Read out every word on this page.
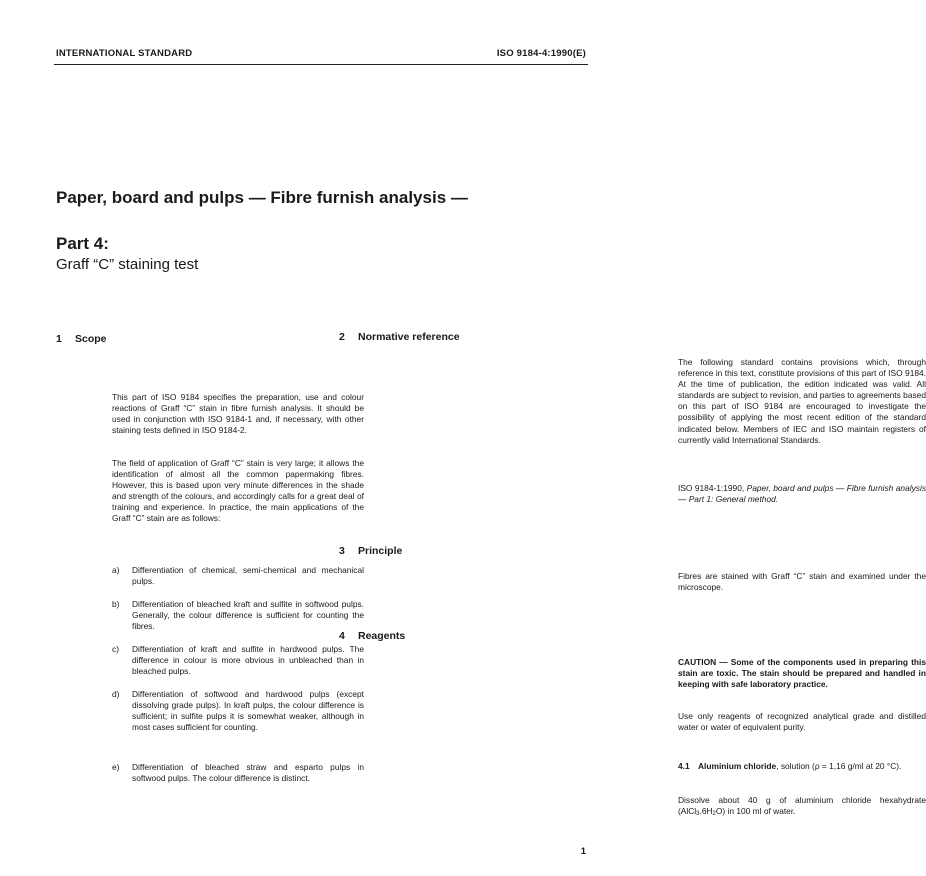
INTERNATIONAL STANDARD	ISO 9184-4:1990(E)
Paper, board and pulps — Fibre furnish analysis —
Part 4:
Graff “C” staining test
1 Scope
This part of ISO 9184 specifies the preparation, use and colour reactions of Graff “C” stain in fibre furnish analysis. It should be used in conjunction with ISO 9184-1 and, if necessary, with other staining tests defined in ISO 9184-2.
The field of application of Graff “C” stain is very large; it allows the identification of almost all the common papermaking fibres. However, this is based upon very minute differences in the shade and strength of the colours, and accordingly calls for a great deal of training and experience. In practice, the main applications of the Graff “C” stain are as follows:
a)	Differentiation of chemical, semi-chemical and mechanical pulps.
b)	Differentiation of bleached kraft and sulfite in softwood pulps. Generally, the colour difference is sufficient for counting the fibres.
c)	Differentiation of kraft and sulfite in hardwood pulps. The difference in colour is more obvious in unbleached than in bleached pulps.
d)	Differentiation of softwood and hardwood pulps (except dissolving grade pulps). In kraft pulps, the colour difference is sufficient; in sulfite pulps it is somewhat weaker, although in most cases sufficient for counting.
e)	Differentiation of bleached straw and esparto pulps in softwood pulps. The colour difference is distinct.
2 Normative reference
The following standard contains provisions which, through reference in this text, constitute provisions of this part of ISO 9184. At the time of publication, the edition indicated was valid. All standards are subject to revision, and parties to agreements based on this part of ISO 9184 are encouraged to investigate the possibility of applying the most recent edition of the standard indicated below. Members of IEC and ISO maintain registers of currently valid International Standards.
ISO 9184-1:1990, Paper, board and pulps — Fibre furnish analysis — Part 1: General method.
3 Principle
Fibres are stained with Graff “C” stain and examined under the microscope.
4 Reagents
CAUTION — Some of the components used in preparing this stain are toxic. The stain should be prepared and handled in keeping with safe laboratory practice.
Use only reagents of recognized analytical grade and distilled water or water of equivalent purity.
4.1 Aluminium chloride, solution (ρ = 1,16 g/ml at 20 °C).
Dissolve about 40 g of aluminium chloride hexahydrate (AlCl3.6H2O) in 100 ml of water.
1
